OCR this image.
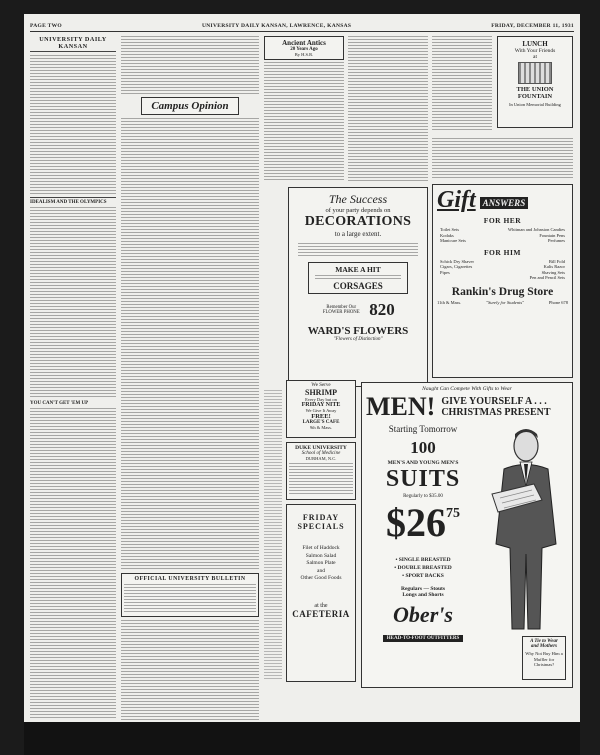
PAGE TWO	UNIVERSITY DAILY KANSAN, LAWRENCE, KANSAS	FRIDAY, DECEMBER 11, 1931
UNIVERSITY DAILY KANSAN
IDEALISM AND THE OLYMPICS
YOU CAN'T GET 'EM UP
Campus Opinion
OFFICIAL UNIVERSITY BULLETIN
Ancient Antics
20 Years Ago
By H.S.R.
LUNCH
With Your Friends
at
THE UNION FOUNTAIN
In Union Memorial Building
The Success
of your party depends on
DECORATIONS
to a large extent.
MAKE A HIT
CORSAGES
Remember Our FLOWER PHONE 820
WARD'S FLOWERS
"Flowers of Distinction"
Gift ANSWERS
FOR HER
Toilet Sets
Kodaks
Manicure Sets
Whitman and Johnston Candies
Fountain Pens
Perfumes
FOR HIM
Schick Dry Shaver
Cigars, Cigarettes
Pipes
Bill Fold
Kalis Razor
Shaving Sets
Pen and Pencil Sets
Rankin's Drug Store
11th & Mass.	"Surely for Students"	Phone 678
We Serve
SHRIMP
Every Day but on
FRIDAY NITE
We Give It Away
FREE!
LARGE'S CAFE
9th & Mass.
DUKE UNIVERSITY
School of Medicine
DURHAM, N.C.
FRIDAY
SPECIALS
Filet of Haddock
Salmon Salad
Salmon Plate
and
Other Good Foods
at the
CAFETERIA
Naught Can Compete With Gifts to Wear
MEN! GIVE YOURSELF A . . .
CHRISTMAS PRESENT
Starting Tomorrow
100
MEN'S AND YOUNG MEN'S
SUITS
Regularly to $35.00
$\$26^{75}$
• SINGLE BREASTED
• DOUBLE BREASTED
• SPORT BACKS
Regulars — Stouts
Longs and Shorts
Ober's
HEAD-TO-FOOT OUTFITTERS
A Tie to Wear
and Mothers
Why Not Buy Him a Muffler for Christmas?
